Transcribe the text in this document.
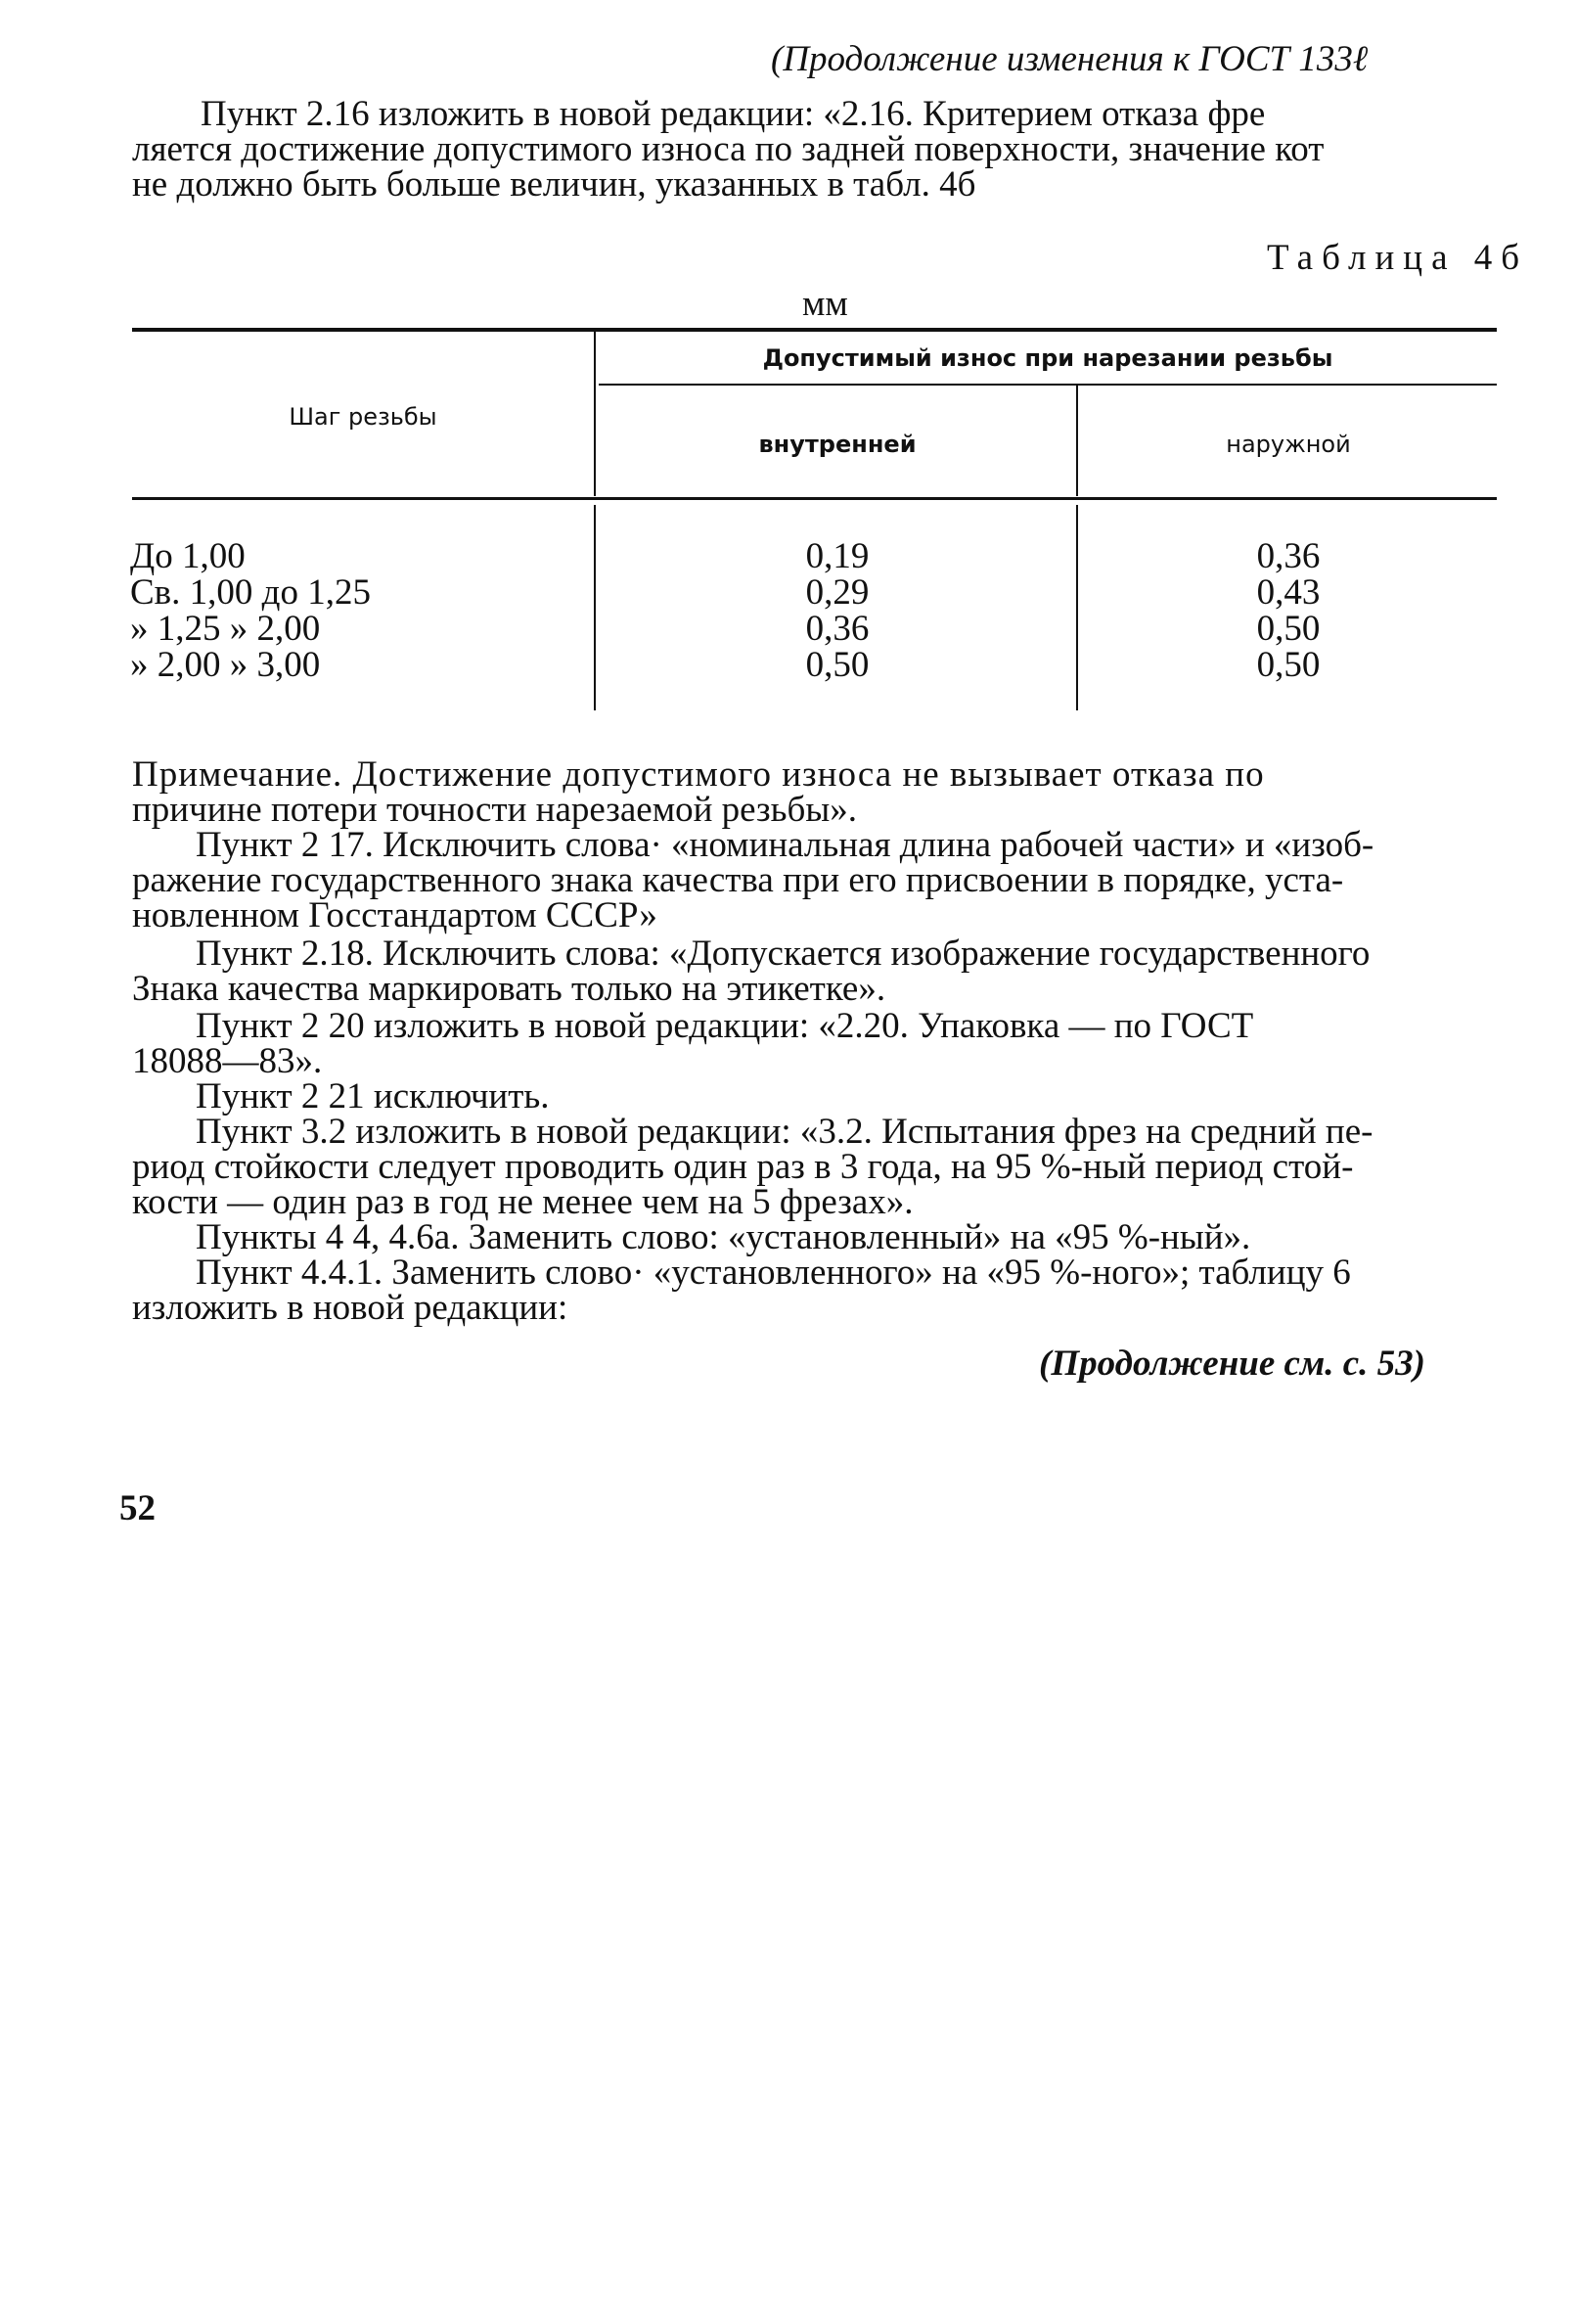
(Продолжение изменения к ГОСТ 133ℓ
Пункт 2.16 изложить в новой редакции: «2.16. Критерием отказа фре
ляется достижение допустимого износа по задней поверхности, значение кот
не должно быть больше величин, указанных в табл. 4б
Таблица 4б
мм
Шаг резьбы
Допустимый износ при нарезании резьбы
внутренней	наружной
До 1,00
Св. 1,00 до 1,25
» 1,25 » 2,00
» 2,00 » 3,00
0,19
0,29
0,36
0,50
0,36
0,43
0,50
0,50
Примечание. Достижение допустимого износа не вызывает отказа по
причине потери точности нарезаемой резьбы».
Пункт 2 17. Исключить слова· «номинальная длина рабочей части» и «изоб-
ражение государственного знака качества при его присвоении в порядке, уста-
новленном Госстандартом СССР»
Пункт 2.18. Исключить слова: «Допускается изображение государственного
Знака качества маркировать только на этикетке».
Пункт 2 20 изложить в новой редакции: «2.20. Упаковка — по ГОСТ
18088—83».
Пункт 2 21 исключить.
Пункт 3.2 изложить в новой редакции: «3.2. Испытания фрез на средний пе-
риод стойкости следует проводить один раз в 3 года, на 95 %-ный период стой-
кости — один раз в год не менее чем на 5 фрезах».
Пункты 4 4, 4.6а. Заменить слово: «установленный» на «95 %-ный».
Пункт 4.4.1. Заменить слово· «установленного» на «95 %-ного»; таблицу 6
изложить в новой редакции:
(Продолжение см. с. 53)
52
